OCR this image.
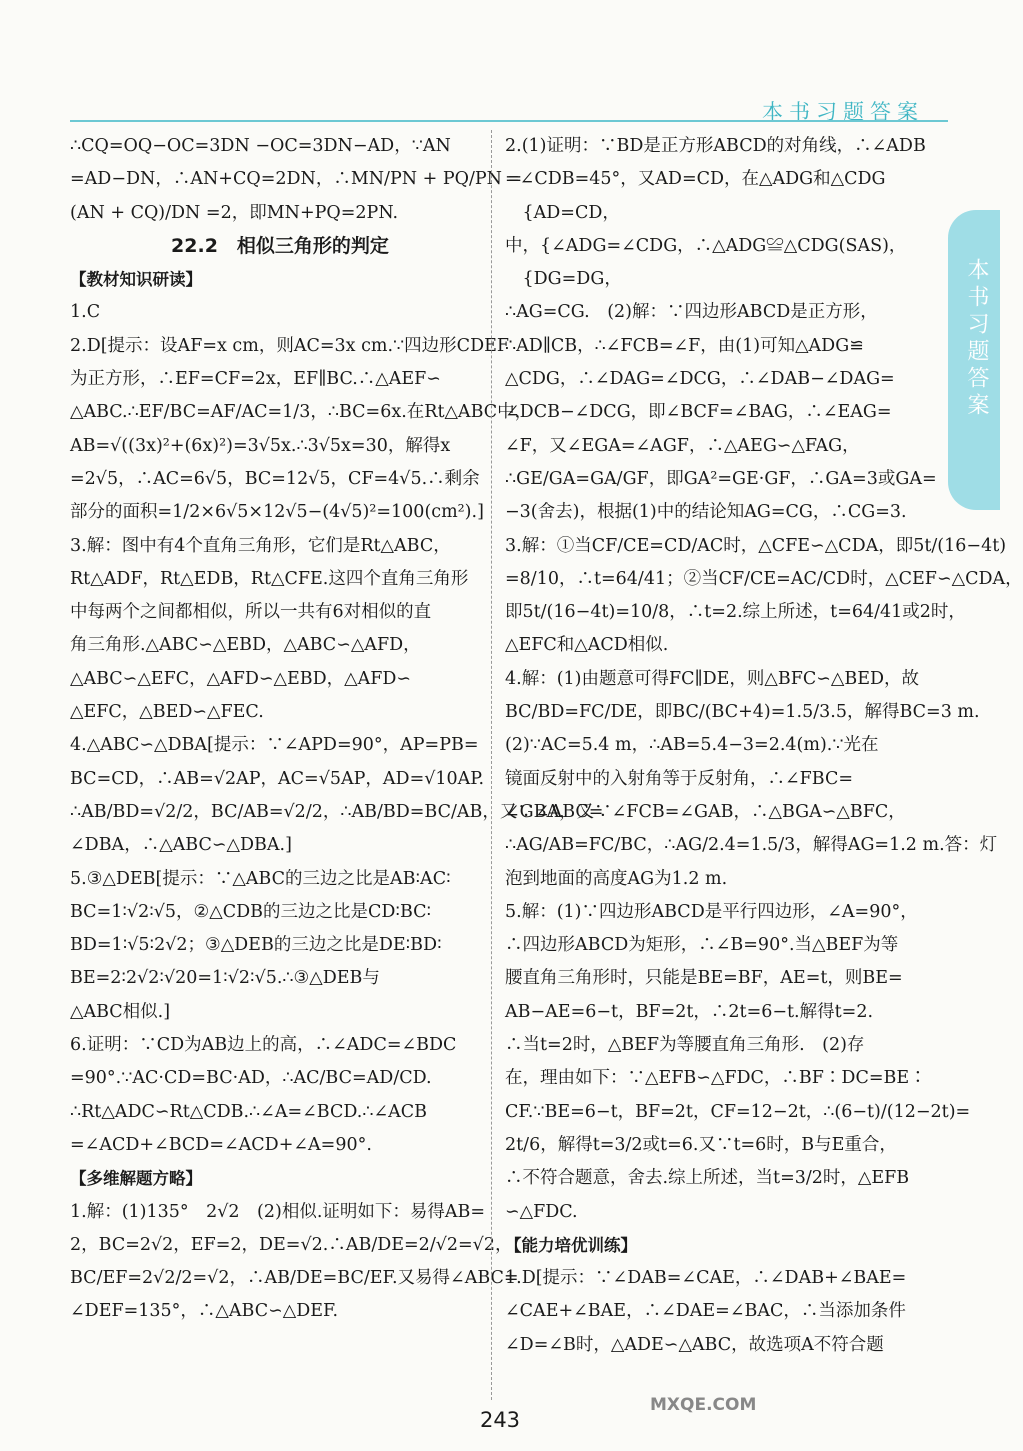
本书习题答案
本书习题答案
∴CQ=OQ−OC=3DN −OC=3DN−AD，∵AN
=AD−DN，∴AN+CQ=2DN，∴MN/PN + PQ/PN =
(AN + CQ)/DN =2，即MN+PQ=2PN.
22.2　相似三角形的判定
【教材知识研读】
1.C
2.D[提示：设AF=x cm，则AC=3x cm.∵四边形CDEF
为正方形，∴EF=CF=2x，EF∥BC.∴△AEF∽
△ABC.∴EF/BC=AF/AC=1/3，∴BC=6x.在Rt△ABC中，
AB=√((3x)²+(6x)²)=3√5x.∴3√5x=30，解得x
=2√5，∴AC=6√5，BC=12√5，CF=4√5.∴剩余
部分的面积=1/2×6√5×12√5−(4√5)²=100(cm²).]
3.解：图中有4个直角三角形，它们是Rt△ABC，
Rt△ADF，Rt△EDB，Rt△CFE.这四个直角三角形
中每两个之间都相似，所以一共有6对相似的直
角三角形.△ABC∽△EBD，△ABC∽△AFD，
△ABC∽△EFC，△AFD∽△EBD，△AFD∽
△EFC，△BED∽△FEC.
4.△ABC∽△DBA[提示：∵∠APD=90°，AP=PB=
BC=CD，∴AB=√2AP，AC=√5AP，AD=√10AP.
∴AB/BD=√2/2，BC/AB=√2/2，∴AB/BD=BC/AB，又∵∠ABC=
∠DBA，∴△ABC∽△DBA.]
5.③△DEB[提示：∵△ABC的三边之比是AB∶AC∶
BC=1∶√2∶√5，②△CDB的三边之比是CD∶BC∶
BD=1∶√5∶2√2；③△DEB的三边之比是DE∶BD∶
BE=2∶2√2∶√20=1∶√2∶√5.∴③△DEB与
△ABC相似.]
6.证明：∵CD为AB边上的高，∴∠ADC=∠BDC
=90°.∵AC·CD=BC·AD，∴AC/BC=AD/CD.
∴Rt△ADC∽Rt△CDB.∴∠A=∠BCD.∴∠ACB
=∠ACD+∠BCD=∠ACD+∠A=90°.
【多维解题方略】
1.解：(1)135°　2√2　(2)相似.证明如下：易得AB=
2，BC=2√2，EF=2，DE=√2.∴AB/DE=2/√2=√2，
BC/EF=2√2/2=√2，∴AB/DE=BC/EF.又易得∠ABC=
∠DEF=135°，∴△ABC∽△DEF.
2.(1)证明：∵BD是正方形ABCD的对角线，∴∠ADB
=∠CDB=45°，又AD=CD，在△ADG和△CDG
　{AD=CD，
中，{∠ADG=∠CDG，∴△ADG≌△CDG(SAS)，
　{DG=DG，
∴AG=CG.　(2)解：∵四边形ABCD是正方形，
∴AD∥CB，∴∠FCB=∠F，由(1)可知△ADG≌
△CDG，∴∠DAG=∠DCG，∴∠DAB−∠DAG=
∠DCB−∠DCG，即∠BCF=∠BAG，∴∠EAG=
∠F，又∠EGA=∠AGF，∴△AEG∽△FAG，
∴GE/GA=GA/GF，即GA²=GE·GF，∴GA=3或GA=
−3(舍去)，根据(1)中的结论知AG=CG，∴CG=3.
3.解：①当CF/CE=CD/AC时，△CFE∽△CDA，即5t/(16−4t)
=8/10，∴t=64/41；②当CF/CE=AC/CD时，△CEF∽△CDA，
即5t/(16−4t)=10/8，∴t=2.综上所述，t=64/41或2时，
△EFC和△ACD相似.
4.解：(1)由题意可得FC∥DE，则△BFC∽△BED，故
BC/BD=FC/DE，即BC/(BC+4)=1.5/3.5，解得BC=3 m.
(2)∵AC=5.4 m，∴AB=5.4−3=2.4(m).∵光在
镜面反射中的入射角等于反射角，∴∠FBC=
∠GBA，又∵∠FCB=∠GAB，∴△BGA∽△BFC，
∴AG/AB=FC/BC，∴AG/2.4=1.5/3，解得AG=1.2 m.答：灯
泡到地面的高度AG为1.2 m.
5.解：(1)∵四边形ABCD是平行四边形，∠A=90°，
∴四边形ABCD为矩形，∴∠B=90°.当△BEF为等
腰直角三角形时，只能是BE=BF，AE=t，则BE=
AB−AE=6−t，BF=2t，∴2t=6−t.解得t=2.
∴当t=2时，△BEF为等腰直角三角形.　(2)存
在，理由如下：∵△EFB∽△FDC，∴BF∶DC=BE∶
CF.∵BE=6−t，BF=2t，CF=12−2t，∴(6−t)/(12−2t)=
2t/6，解得t=3/2或t=6.又∵t=6时，B与E重合，
∴不符合题意，舍去.综上所述，当t=3/2时，△EFB
∽△FDC.
【能力培优训练】
1.D[提示：∵∠DAB=∠CAE，∴∠DAB+∠BAE=
∠CAE+∠BAE，∴∠DAE=∠BAC，∴当添加条件
∠D=∠B时，△ADE∽△ABC，故选项A不符合题
243
MXQE.COM
